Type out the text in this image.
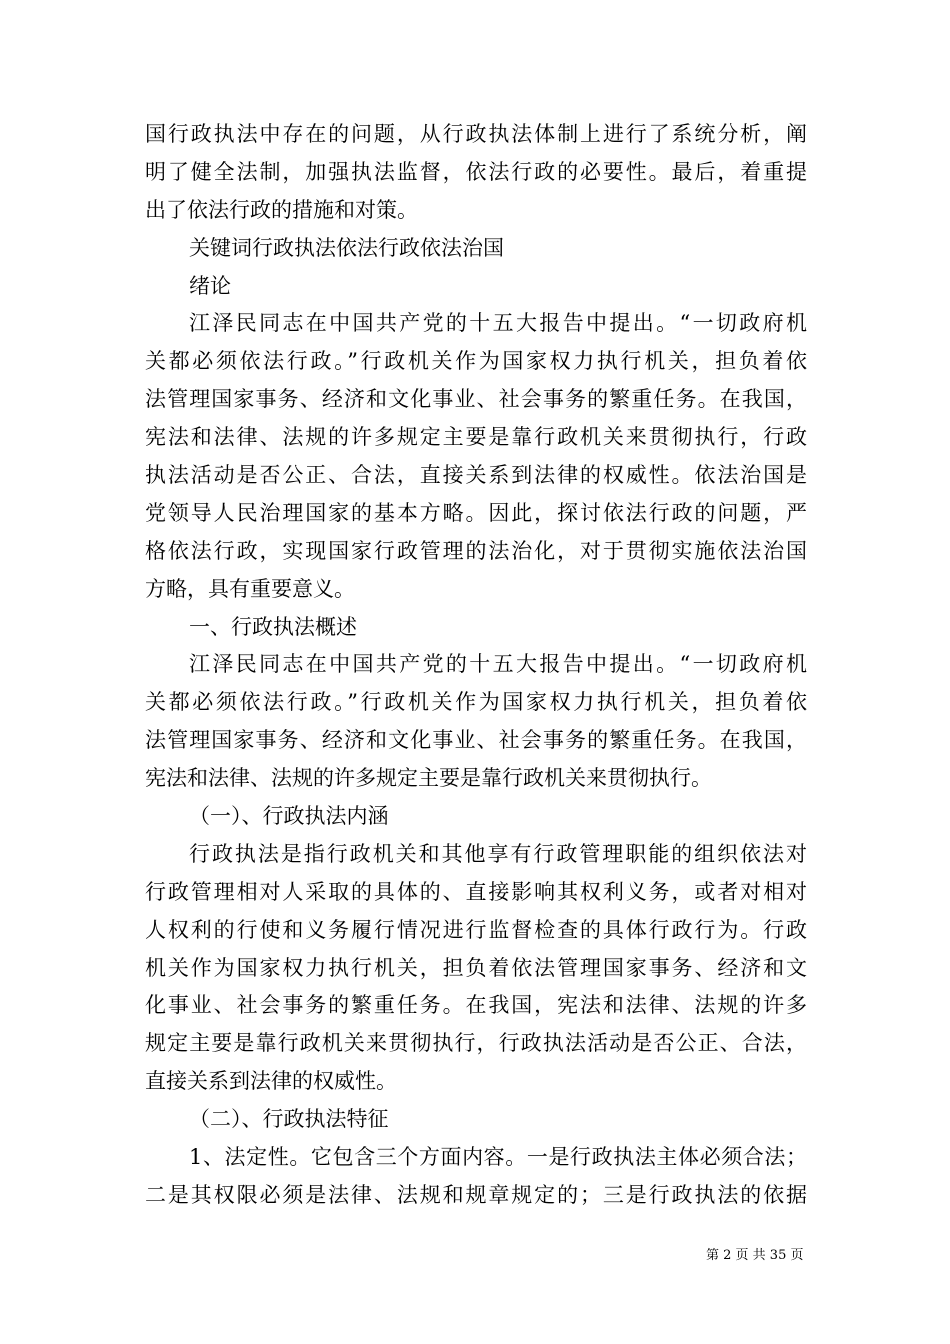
国行政执法中存在的问题，从行政执法体制上进行了系统分析，阐
明了健全法制，加强执法监督，依法行政的必要性。最后，着重提
出了依法行政的措施和对策。
关键词行政执法依法行政依法治国
绪论
江泽民同志在中国共产党的十五大报告中提出。“一切政府机
关都必须依法行政。”行政机关作为国家权力执行机关，担负着依
法管理国家事务、经济和文化事业、社会事务的繁重任务。在我国，
宪法和法律、法规的许多规定主要是靠行政机关来贯彻执行，行政
执法活动是否公正、合法，直接关系到法律的权威性。依法治国是
党领导人民治理国家的基本方略。因此，探讨依法行政的问题，严
格依法行政，实现国家行政管理的法治化，对于贯彻实施依法治国
方略，具有重要意义。
一、行政执法概述
江泽民同志在中国共产党的十五大报告中提出。“一切政府机
关都必须依法行政。”行政机关作为国家权力执行机关，担负着依
法管理国家事务、经济和文化事业、社会事务的繁重任务。在我国，
宪法和法律、法规的许多规定主要是靠行政机关来贯彻执行。
（一）、行政执法内涵
行政执法是指行政机关和其他享有行政管理职能的组织依法对
行政管理相对人采取的具体的、直接影响其权利义务，或者对相对
人权利的行使和义务履行情况进行监督检查的具体行政行为。行政
机关作为国家权力执行机关，担负着依法管理国家事务、经济和文
化事业、社会事务的繁重任务。在我国，宪法和法律、法规的许多
规定主要是靠行政机关来贯彻执行，行政执法活动是否公正、合法，
直接关系到法律的权威性。
（二）、行政执法特征
1、法定性。它包含三个方面内容。一是行政执法主体必须合法；
二是其权限必须是法律、法规和规章规定的；三是行政执法的依据
第 2 页 共 35 页
